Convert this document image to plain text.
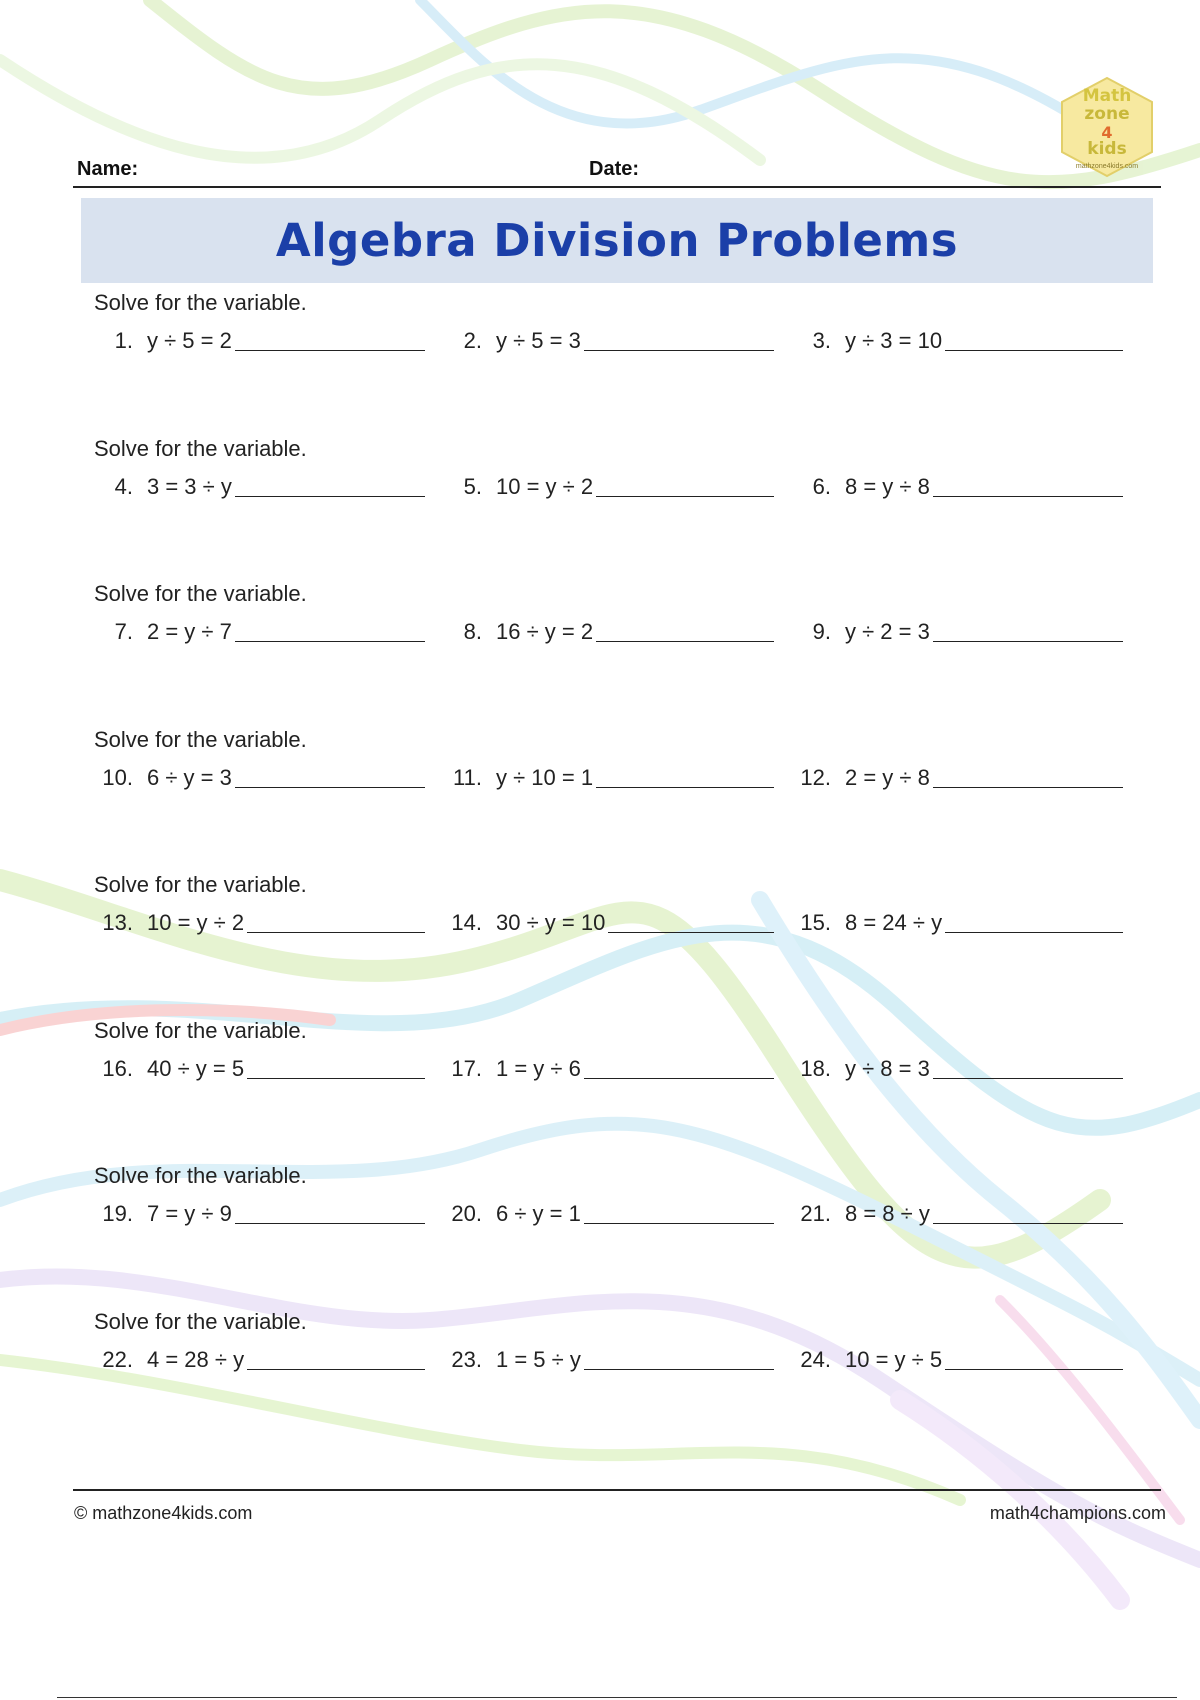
Math
zone
4
kids
mathzone4kids.com
Name:	Date:
Algebra Division Problems
Solve for the variable.
1. y ÷ 5 = 2	2. y ÷ 5 = 3	3. y ÷ 3 = 10
Solve for the variable.
4. 3 = 3 ÷ y	5. 10 = y ÷ 2	6. 8 = y ÷ 8
Solve for the variable.
7. 2 = y ÷ 7	8. 16 ÷ y = 2	9. y ÷ 2 = 3
Solve for the variable.
10. 6 ÷ y = 3	11. y ÷ 10 = 1	12. 2 = y ÷ 8
Solve for the variable.
13. 10 = y ÷ 2	14. 30 ÷ y = 10	15. 8 = 24 ÷ y
Solve for the variable.
16. 40 ÷ y = 5	17. 1 = y ÷ 6	18. y ÷ 8 = 3
Solve for the variable.
19. 7 = y ÷ 9	20. 6 ÷ y = 1	21. 8 = 8 ÷ y
Solve for the variable.
22. 4 = 28 ÷ y	23. 1 = 5 ÷ y	24. 10 = y ÷ 5
© mathzone4kids.com	math4champions.com
